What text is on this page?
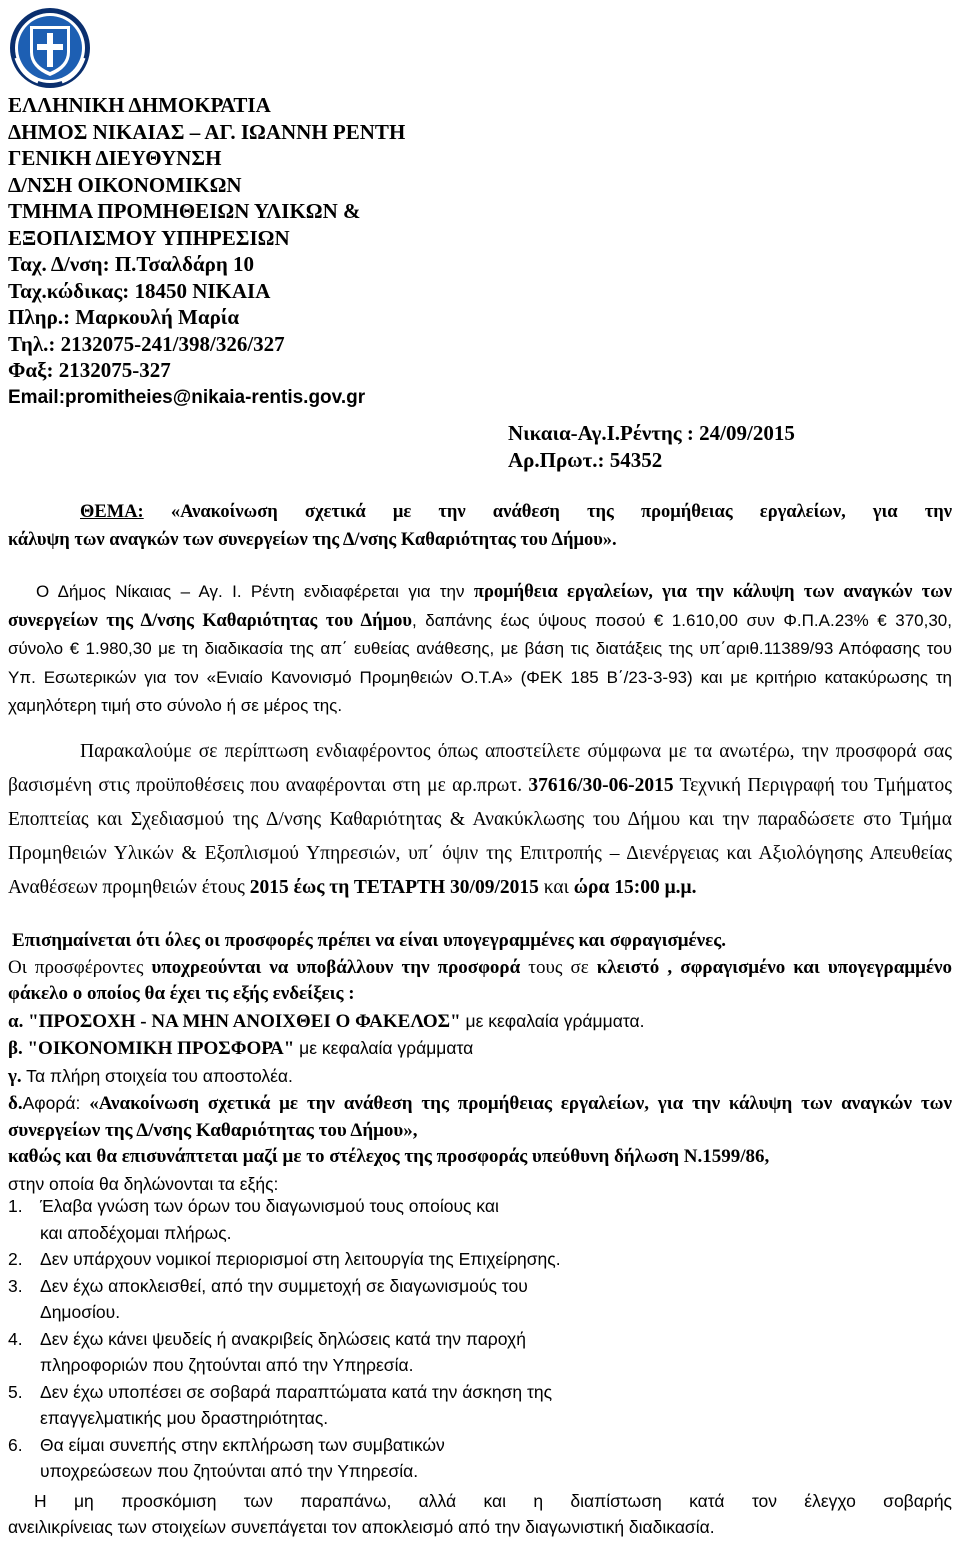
ΕΛΛΗΝΙΚΗ ΔΗΜΟΚΡΑΤΙΑ
ΔΗΜΟΣ ΝΙΚΑΙΑΣ – ΑΓ. ΙΩΑΝΝΗ ΡΕΝΤΗ
ΓΕΝΙΚΗ ΔΙΕΥΘΥΝΣΗ
Δ/ΝΣΗ ΟΙΚΟΝΟΜΙΚΩΝ
ΤΜΗΜΑ ΠΡΟΜΗΘΕΙΩΝ ΥΛΙΚΩΝ &
ΕΞΟΠΛΙΣΜΟΥ ΥΠΗΡΕΣΙΩΝ
Ταχ. Δ/νση: Π.Τσαλδάρη 10
Ταχ.κώδικας: 18450 ΝΙΚΑΙΑ
Πληρ.: Μαρκουλή Μαρία
Τηλ.: 2132075-241/398/326/327
Φαξ: 2132075-327
Email:promitheies@nikaia-rentis.gov.gr
Νικαια-Αγ.Ι.Ρέντης : 24/09/2015
Αρ.Πρωτ.: 54352
ΘΕΜΑ: «Ανακοίνωση σχετικά με την ανάθεση της προμήθειας εργαλείων, για την
κάλυψη των αναγκών των συνεργείων της Δ/νσης Καθαριότητας του Δήμου».
Ο Δήμος Νίκαιας – Αγ. Ι. Ρέντη ενδιαφέρεται για την προμήθεια εργαλείων, για την κάλυψη των αναγκών των συνεργείων της Δ/νσης Καθαριότητας του Δήμου, δαπάνης έως ύψους ποσού € 1.610,00 συν Φ.Π.Α.23% € 370,30, σύνολο € 1.980,30 με τη διαδικασία της απ΄ ευθείας ανάθεσης, με βάση τις διατάξεις της υπ΄αριθ.11389/93 Απόφασης του Υπ. Εσωτερικών για τον «Ενιαίο Κανονισμό Προμηθειών Ο.Τ.Α» (ΦΕΚ 185 Β΄/23-3-93) και με κριτήριο κατακύρωσης τη χαμηλότερη τιμή στο σύνολο ή σε μέρος της.
Παρακαλούμε σε περίπτωση ενδιαφέροντος όπως αποστείλετε σύμφωνα με τα ανωτέρω, την προσφορά σας βασισμένη στις προϋποθέσεις που αναφέρονται στη με αρ.πρωτ. 37616/30-06-2015 Τεχνική Περιγραφή του Τμήματος Εποπτείας και Σχεδιασμού της Δ/νσης Καθαριότητας & Ανακύκλωσης του Δήμου και την παραδώσετε στο Τμήμα Προμηθειών Υλικών & Εξοπλισμού Υπηρεσιών, υπ΄ όψιν της Επιτροπής – Διενέργειας και Αξιολόγησης Απευθείας Αναθέσεων προμηθειών έτους 2015 έως τη ΤΕΤΑΡΤΗ 30/09/2015 και ώρα 15:00 μ.μ.
Επισημαίνεται ότι όλες οι προσφορές πρέπει να είναι υπογεγραμμένες και σφραγισμένες.
Οι προσφέροντες υποχρεούνται να υποβάλλουν την προσφορά τους σε κλειστό , σφραγισμένο και υπογεγραμμένο φάκελο ο οποίος θα έχει τις εξής ενδείξεις :
α. "ΠΡΟΣΟΧΗ - ΝΑ ΜΗΝ ΑΝΟΙΧΘΕΙ Ο ΦΑΚΕΛΟΣ" με κεφαλαία γράμματα.
β. "ΟΙΚΟΝΟΜΙΚΗ ΠΡΟΣΦΟΡΑ" με κεφαλαία γράμματα
γ. Τα πλήρη στοιχεία του αποστολέα.
δ.Αφορά: «Ανακοίνωση σχετικά με την ανάθεση της προμήθειας εργαλείων, για την κάλυψη των αναγκών των συνεργείων της Δ/νσης Καθαριότητας του Δήμου»,
καθώς και θα επισυνάπτεται μαζί με το στέλεχος της προσφοράς υπεύθυνη δήλωση Ν.1599/86,
στην οποία θα δηλώνονται τα εξής:
1. Έλαβα γνώση των όρων του διαγωνισμού τους οποίους και
και αποδέχομαι πλήρως.
2. Δεν υπάρχουν νομικοί περιορισμοί στη λειτουργία της Επιχείρησης.
3. Δεν έχω αποκλεισθεί, από την συμμετοχή σε διαγωνισμούς του
Δημοσίου.
4. Δεν έχω κάνει ψευδείς ή ανακριβείς δηλώσεις κατά την παροχή
πληροφοριών που ζητούνται από την Υπηρεσία.
5. Δεν έχω υποπέσει σε σοβαρά παραπτώματα κατά την άσκηση της
επαγγελματικής μου δραστηριότητας.
6. Θα είμαι συνεπής στην εκπλήρωση των συμβατικών
υποχρεώσεων που ζητούνται από την Υπηρεσία.
Η μη προσκόμιση των παραπάνω, αλλά και η διαπίστωση κατά τον έλεγχο σοβαρής
ανειλικρίνειας των στοιχείων συνεπάγεται τον αποκλεισμό από την διαγωνιστική διαδικασία.
